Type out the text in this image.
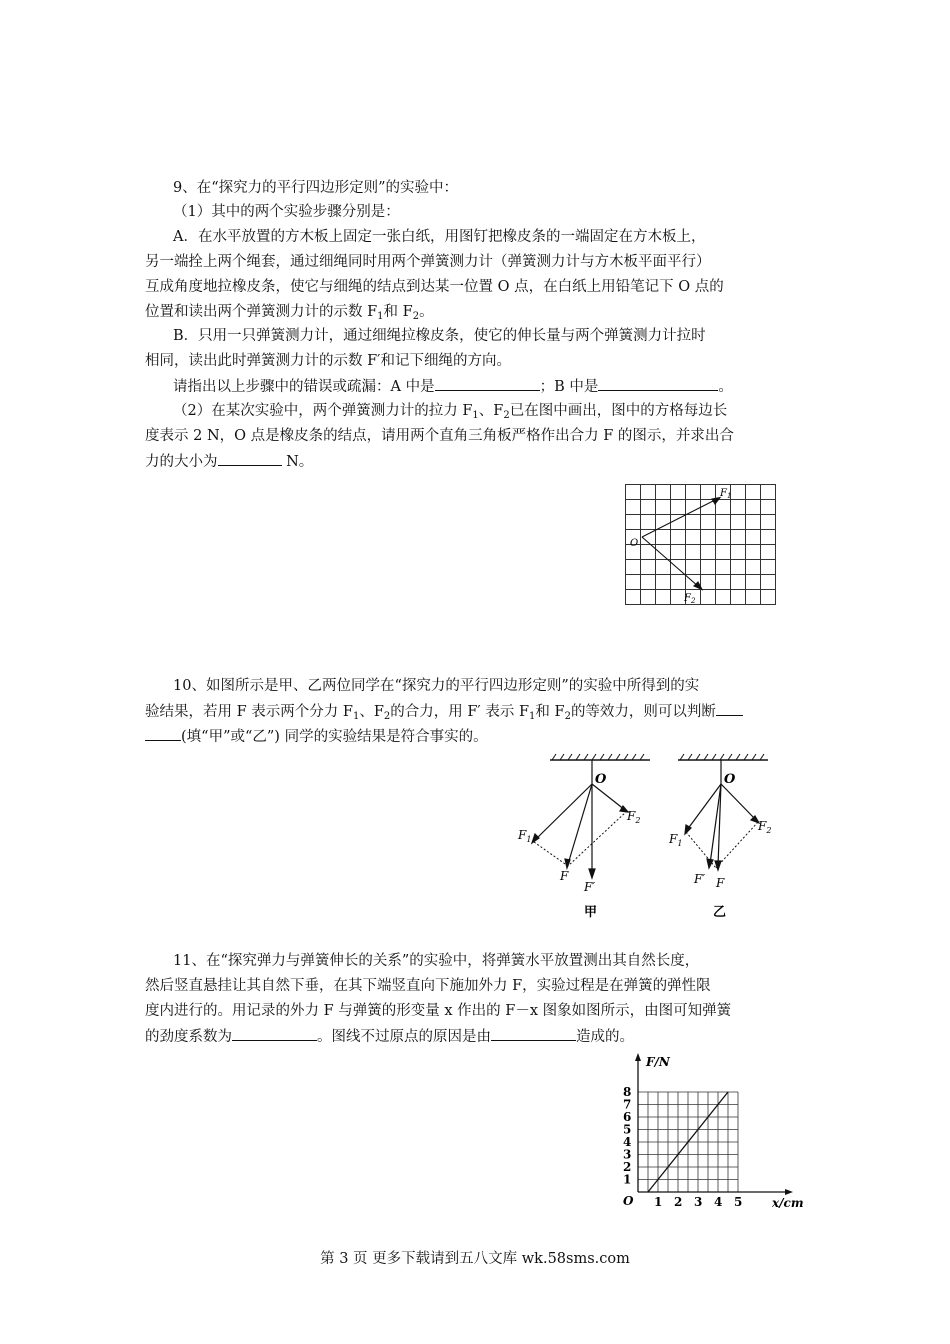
9、在“探究力的平行四边形定则”的实验中：
（1）其中的两个实验步骤分别是：
A．在水平放置的方木板上固定一张白纸，用图钉把橡皮条的一端固定在方木板上，
另一端拴上两个绳套，通过细绳同时用两个弹簧测力计（弹簧测力计与方木板平面平行）
互成角度地拉橡皮条，使它与细绳的结点到达某一位置 O 点，在白纸上用铅笔记下 O 点的
位置和读出两个弹簧测力计的示数 $F_1$和 $F_2$。
B．只用一只弹簧测力计，通过细绳拉橡皮条，使它的伸长量与两个弹簧测力计拉时
相同，读出此时弹簧测力计的示数 F′和记下细绳的方向。
请指出以上步骤中的错误或疏漏：A 中是	；B 中是	。
（2）在某次实验中，两个弹簧测力计的拉力 $F_1$、$F_2$已在图中画出，图中的方格每边长
度表示 2 N，O 点是橡皮条的结点，请用两个直角三角板严格作出合力 F 的图示，并求出合
力的大小为	N。
O
$F_1$
$F_2$
10、如图所示是甲、乙两位同学在“探究力的平行四边形定则”的实验中所得到的实
验结果，若用 F 表示两个分力 $F_1$、$F_2$的合力，用 F′ 表示 $F_1$和 $F_2$的等效力，则可以判断
(填“甲”或“乙”) 同学的实验结果是符合事实的。
O
$F_1$
$F_2$
F
F′
甲
O
$F_1$
$F_2$
F′ F
乙
11、在“探究弹力与弹簧伸长的关系”的实验中，将弹簧水平放置测出其自然长度，
然后竖直悬挂让其自然下垂，在其下端竖直向下施加外力 F，实验过程是在弹簧的弹性限
度内进行的。用记录的外力 F 与弹簧的形变量 x 作出的 F－x 图象如图所示，由图可知弹簧
的劲度系数为	。图线不过原点的原因是由	造成的。
1 2 3 4 5
1
2
3
4
5
6
7
8
F/N
x/cm
O
第 3 页 更多下载请到五八文库 wk.58sms.com
